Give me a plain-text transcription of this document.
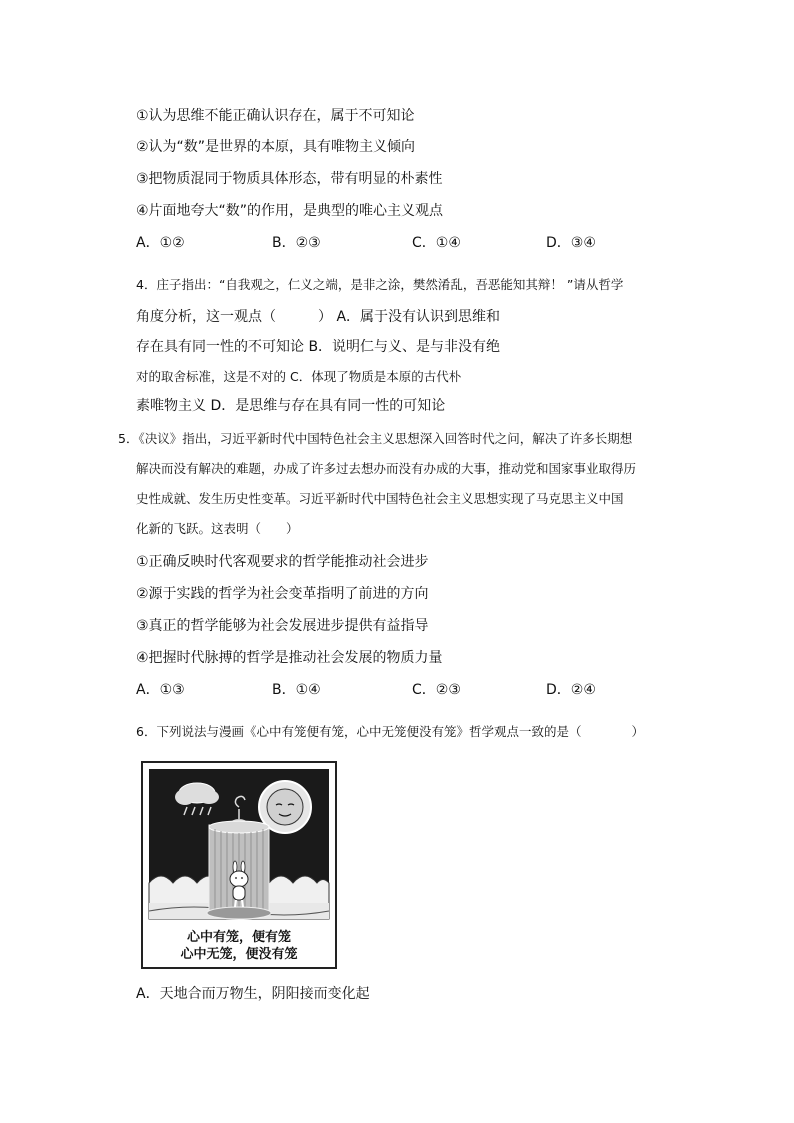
①认为思维不能正确认识存在，属于不可知论
②认为“数”是世界的本原，具有唯物主义倾向
③把物质混同于物质具体形态，带有明显的朴素性
④片面地夸大“数”的作用，是典型的唯心主义观点
A．①②	B．②③	C．①④	D．③④
4．庄子指出：“自我观之，仁义之端，是非之涂，樊然淆乱，吾恶能知其辩！ ”请从哲学
角度分析，这一观点（　　　） A．属于没有认识到思维和
存在具有同一性的不可知论 B．说明仁与义、是与非没有绝
对的取舍标准，这是不对的 C．体现了物质是本原的古代朴
素唯物主义 D．是思维与存在具有同一性的可知论
5．《决议》指出，习近平新时代中国特色社会主义思想深入回答时代之问，解决了许多长期想
解决而没有解决的难题，办成了许多过去想办而没有办成的大事，推动党和国家事业取得历
史性成就、发生历史性变革。习近平新时代中国特色社会主义思想实现了马克思主义中国
化新的飞跃。这表明（　　）
①正确反映时代客观要求的哲学能推动社会进步
②源于实践的哲学为社会变革指明了前进的方向
③真正的哲学能够为社会发展进步提供有益指导
④把握时代脉搏的哲学是推动社会发展的物质力量
A．①③	B．①④	C．②③	D．②④
6．下列说法与漫画《心中有笼便有笼，心中无笼便没有笼》哲学观点一致的是（　　　　）
心中有笼，便有笼
心中无笼，便没有笼
A．天地合而万物生，阴阳接而变化起
